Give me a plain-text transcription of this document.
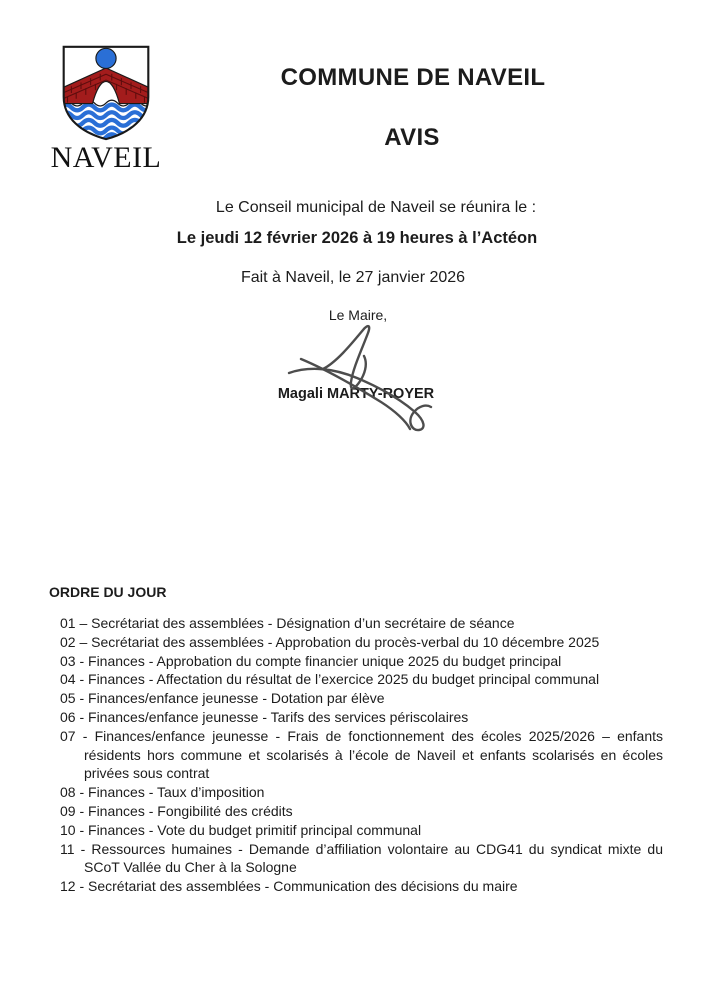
NAVEIL
COMMUNE DE NAVEIL
AVIS
Le Conseil municipal de Naveil se réunira le :
Le jeudi 12 février 2026 à 19 heures à l’Actéon
Fait à Naveil, le 27 janvier 2026
Le Maire,
Magali MARTY-ROYER
ORDRE DU JOUR
01 – Secrétariat des assemblées - Désignation d’un secrétaire de séance
02 – Secrétariat des assemblées - Approbation du procès-verbal du 10 décembre 2025
03 - Finances - Approbation du compte financier unique 2025 du budget principal
04 - Finances - Affectation du résultat de l’exercice 2025 du budget principal communal
05 - Finances/enfance jeunesse - Dotation par élève
06 - Finances/enfance jeunesse - Tarifs des services périscolaires
07 - Finances/enfance jeunesse - Frais de fonctionnement des écoles 2025/2026 – enfants résidents hors commune et scolarisés à l’école de Naveil et enfants scolarisés en écoles privées sous contrat
08 - Finances - Taux d’imposition
09 - Finances - Fongibilité des crédits
10 - Finances - Vote du budget primitif principal communal
11 - Ressources humaines - Demande d’affiliation volontaire au CDG41 du syndicat mixte du SCoT Vallée du Cher à la Sologne
12 - Secrétariat des assemblées - Communication des décisions du maire
